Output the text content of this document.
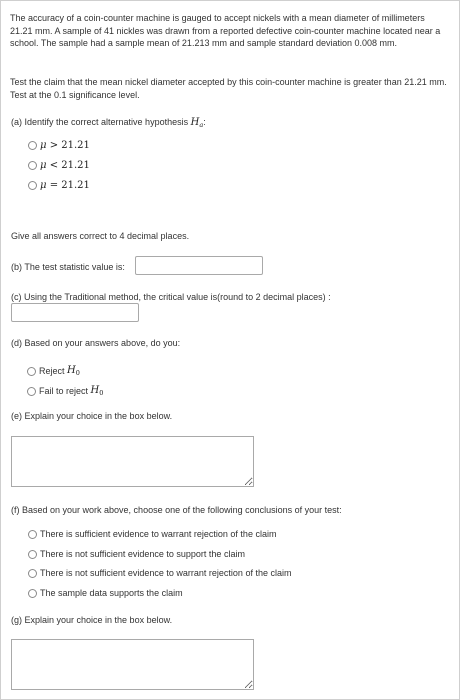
The accuracy of a coin-counter machine is gauged to accept nickels with a mean diameter of millimeters 21.21 mm. A sample of 41 nickles was drawn from a reported defective coin-counter machine located near a school. The sample had a sample mean of 21.213 mm and sample standard deviation 0.008 mm.

Test the claim that the mean nickel diameter accepted by this coin-counter machine is greater than 21.21 mm. Test at the 0.1 significance level.

(a) Identify the correct alternative hypothesis $H_a$:
μ > 21.21
μ < 21.21
μ = 21.21
Give all answers correct to 4 decimal places.
(b) The test statistic value is:
(c) Using the Traditional method, the critical value is(round to 2 decimal places) :
(d) Based on your answers above, do you:
Reject
$H_0$
Fail to reject
$H_0$
(e) Explain your choice in the box below.
(f) Based on your work above, choose one of the following conclusions of your test:
There is sufficient evidence to warrant rejection of the claim
There is not sufficient evidence to support the claim
There is not sufficient evidence to warrant rejection of the claim
The sample data supports the claim
(g) Explain your choice in the box below.
